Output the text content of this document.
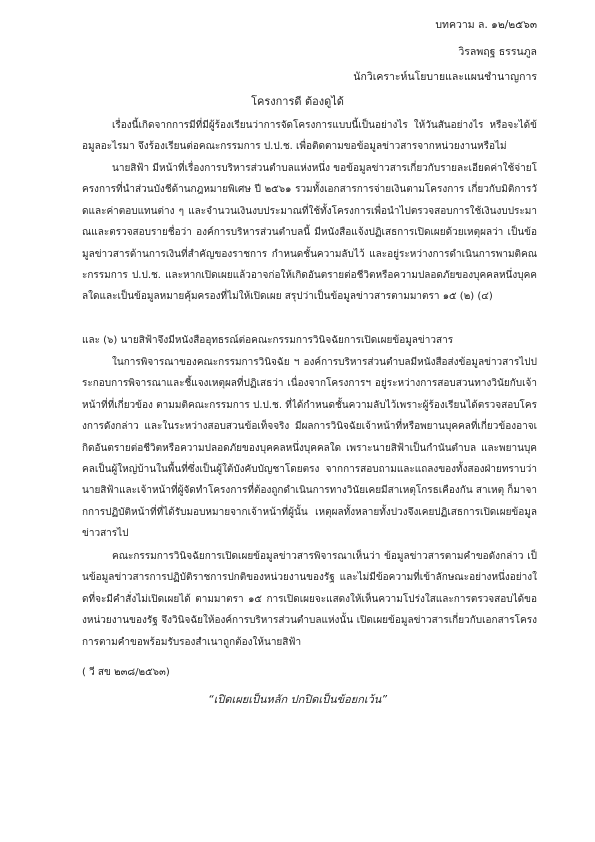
บทความ ล. ๑๒/๒๕๖๓
วิรลพฤฐ ธรรนภูล
นักวิเคราะห์นโยบายและแผนชำนาญการ
โครงการดี ต้องดูได้

เรื่องนี้เกิดจากการมีที่มีผู้ร้องเรียนว่าการจัดโครงการแบบนี้เป็นอย่างไร ให้วันสันอย่างไร หรือจะได้ข้อมูลอะไรมา จึงร้องเรียนต่อคณะกรรมการ ป.ป.ช. เพื่อติดตามขอข้อมูลข่าวสารจากหน่วยงานหรือไม่

นายสิฟ้า มีหน้าที่เรื่องการบริหารส่วนตำบลแห่งหนึ่ง ขอข้อมูลข่าวสารเกี่ยวกับรายละเอียดค่าใช้จ่ายโครงการที่นำส่วนบังชีด้านกฎหมายพิเศษ ปี ๒๕๖๑ รวมทั้งเอกสารการจ่ายเงินตามโครงการ เกี่ยวกับมิติการวัดและค่าตอบแทนต่าง ๆ และจำนวนเงินงบประมาณที่ใช้ทั้งโครงการเพื่อนำไปตรวจสอบการใช้เงินงบประมาณและตรวจสอบรายชื่อว่า องค์การบริหารส่วนตำบลนี้ มีหนังสือแจ้งปฏิเสธการเปิดเผยด้วยเหตุผลว่า เป็นข้อมูลข่าวสารด้านการเงินที่สำคัญของราชการ กำหนดชั้นความลับไว้ และอยู่ระหว่างการดำเนินการพามติคณะกรรมการ ป.ป.ช. และหากเปิดเผยแล้วอาจก่อให้เกิดอันตรายต่อชีวิตหรือความปลอดภัยของบุคคลหนึ่งบุคคลใดและเป็นข้อมูลหมายคุ้มครองที่ไม่ให้เปิดเผย สรุปว่าเป็นข้อมูลข่าวสารตามมาตรา ๑๕ (๒) (๔)

และ (๖) นายสิฟ้าจึงมีหนังสืออุทธรณ์ต่อคณะกรรมการวินิจฉัยการเปิดเผยข้อมูลข่าวสาร

ในการพิจารณาของคณะกรรมการวินิจฉัย ฯ องค์การบริหารส่วนตำบลมีหนังสือส่งข้อมูลข่าวสารไปประกอบการพิจารณาและชี้แจงเหตุผลที่ปฏิเสธว่า เนื่องจากโครงการฯ อยู่ระหว่างการสอบสวนทางวินัยกับเจ้าหน้าที่ที่เกี่ยวข้อง ตามมติคณะกรรมการ ป.ป.ช. ที่ได้กำหนดชั้นความลับไว้เพราะผู้ร้องเรียนได้ตรวจสอบโครงการดังกล่าว และในระหว่างสอบสวนข้อเท็จจริง มีผลการวินิจฉัยเจ้าหน้าที่หรือพยานบุคคลที่เกี่ยวข้องอาจเกิดอันตรายต่อชีวิตหรือความปลอดภัยของบุคคลหนึ่งบุคคลใด เพราะนายสิฟ้าเป็นกำนันตำบล และพยานบุคคลเป็นผู้ใหญ่บ้านในพื้นที่ซึ่งเป็นผู้ใต้บังคับบัญชาโดยตรง จากการสอบถามและแถลงของทั้งสองฝ่ายทราบว่านายสิฟ้าและเจ้าหน้าที่ผู้จัดทำโครงการที่ต้องถูกดำเนินการทางวินัยเคยมีสาเหตุโกรธเคืองกัน สาเหตุ ก็มาจากการปฏิบัติหน้าที่ที่ได้รับมอบหมายจากเจ้าหน้าที่ผู้นั้น เหตุผลทั้งหลายทั้งปวงจึงเคยปฏิเสธการเปิดเผยข้อมูลข่าวสารไป

คณะกรรมการวินิจฉัยการเปิดเผยข้อมูลข่าวสารพิจารณาเห็นว่า ข้อมูลข่าวสารตามคำขอดังกล่าว เป็นข้อมูลข่าวสารการปฏิบัติราชการปกติของหน่วยงานของรัฐ และไม่มีข้อความที่เข้าลักษณะอย่างหนึ่งอย่างใดที่จะมีคำสั่งไม่เปิดเผยได้ ตามมาตรา ๑๕ การเปิดเผยจะแสดงให้เห็นความโปร่งใสและการตรวจสอบได้ของหน่วยงานของรัฐ จึงวินิจฉัยให้องค์การบริหารส่วนตำบลแห่งนั้น เปิดเผยข้อมูลข่าวสารเกี่ยวกับเอกสารโครงการตามคำขอพร้อมรับรองสำเนาถูกต้องให้นายสิฟ้า

( วี สข ๒๓๘/๒๕๖๓)
“เปิดเผยเป็นหลัก ปกปิดเป็นข้อยกเว้น”
